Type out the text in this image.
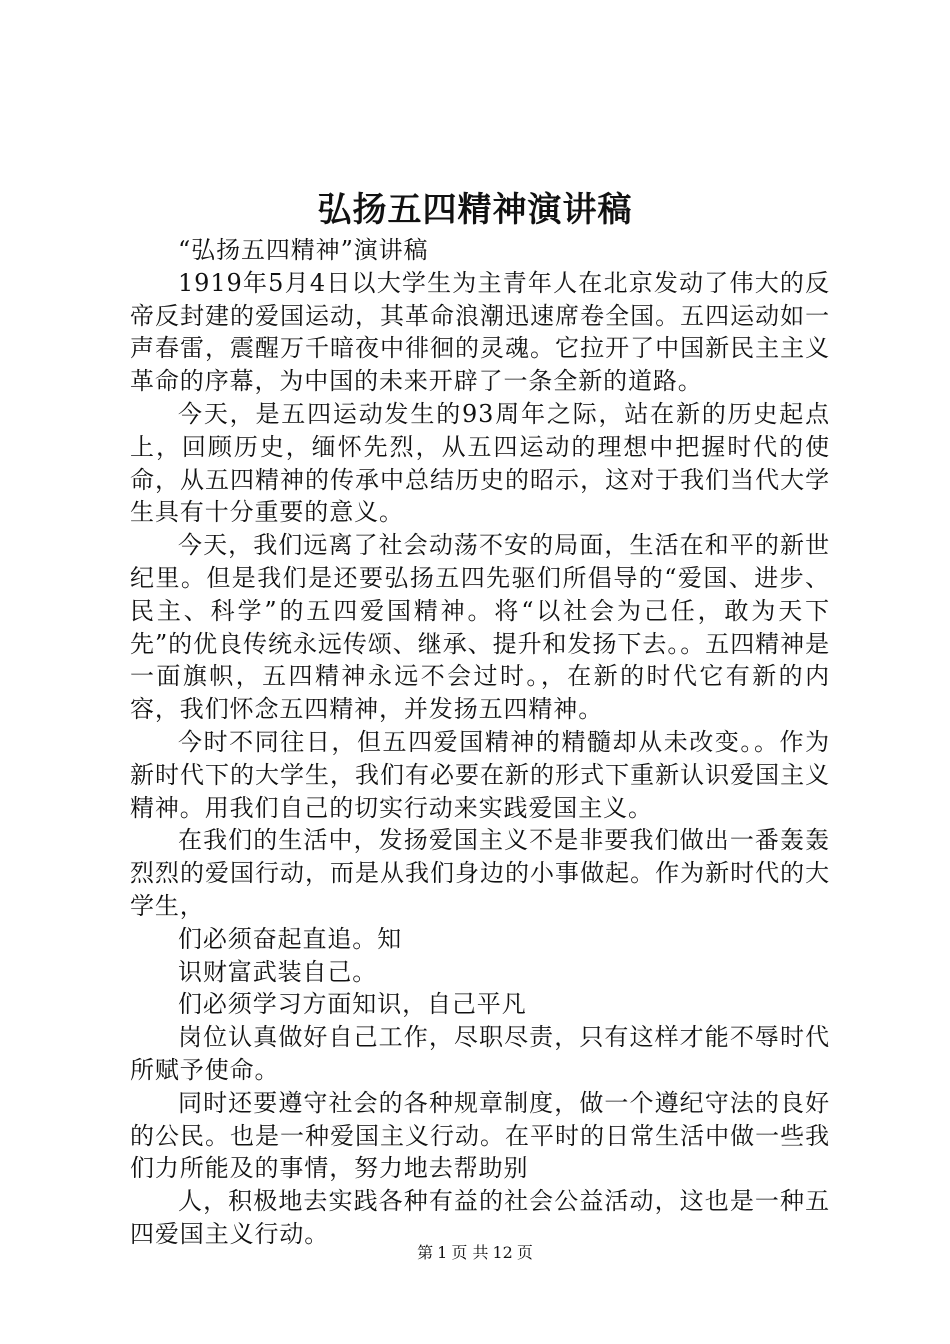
弘扬五四精神演讲稿

“弘扬五四精神”演讲稿

1919年5月4日以大学生为主青年人在北京发动了伟大的反帝反封建的爱国运动，其革命浪潮迅速席卷全国。五四运动如一声春雷，震醒万千暗夜中徘徊的灵魂。它拉开了中国新民主主义革命的序幕，为中国的未来开辟了一条全新的道路。

今天，是五四运动发生的93周年之际，站在新的历史起点上，回顾历史，缅怀先烈，从五四运动的理想中把握时代的使命，从五四精神的传承中总结历史的昭示，这对于我们当代大学生具有十分重要的意义。

今天，我们远离了社会动荡不安的局面，生活在和平的新世纪里。但是我们是还要弘扬五四先驱们所倡导的“爱国、进步、民主、科学”的五四爱国精神。将“以社会为己任，敢为天下先”的优良传统永远传颂、继承、提升和发扬下去。。五四精神是一面旗帜，五四精神永远不会过时。，在新的时代它有新的内容，我们怀念五四精神，并发扬五四精神。

今时不同往日，但五四爱国精神的精髓却从未改变。。作为新时代下的大学生，我们有必要在新的形式下重新认识爱国主义精神。用我们自己的切实行动来实践爱国主义。

在我们的生活中，发扬爱国主义不是非要我们做出一番轰轰烈烈的爱国行动，而是从我们身边的小事做起。作为新时代的大学生，

们必须奋起直追。知

识财富武装自己。

们必须学习方面知识，自己平凡

岗位认真做好自己工作，尽职尽责，只有这样才能不辱时代所赋予使命。

同时还要遵守社会的各种规章制度，做一个遵纪守法的良好的公民。也是一种爱国主义行动。在平时的日常生活中做一些我们力所能及的事情，努力地去帮助别

人，积极地去实践各种有益的社会公益活动，这也是一种五四爱国主义行动。

第 1 页 共 12 页
